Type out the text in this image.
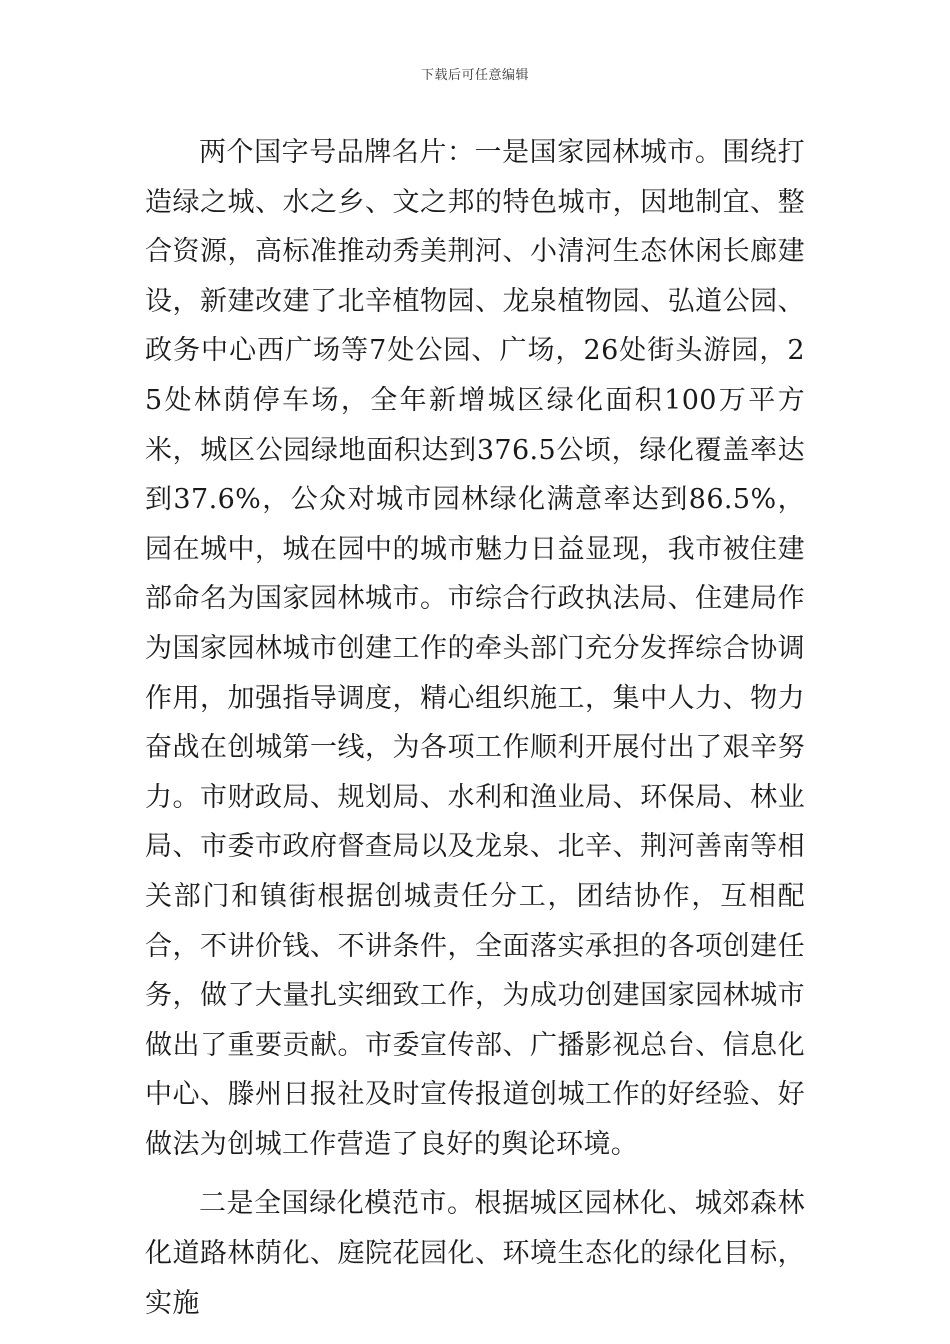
下载后可任意编辑

两个国字号品牌名片：一是国家园林城市。围绕打造绿之城、水之乡、文之邦的特色城市，因地制宜、整合资源，高标准推动秀美荆河、小清河生态休闲长廊建设，新建改建了北辛植物园、龙泉植物园、弘道公园、政务中心西广场等7处公园、广场，26处街头游园，25处林荫停车场，全年新增城区绿化面积100万平方米，城区公园绿地面积达到376.5公顷，绿化覆盖率达到37.6%，公众对城市园林绿化满意率达到86.5%，园在城中，城在园中的城市魅力日益显现，我市被住建部命名为国家园林城市。市综合行政执法局、住建局作为国家园林城市创建工作的牵头部门充分发挥综合协调作用，加强指导调度，精心组织施工，集中人力、物力奋战在创城第一线，为各项工作顺利开展付出了艰辛努力。市财政局、规划局、水利和渔业局、环保局、林业局、市委市政府督查局以及龙泉、北辛、荆河善南等相关部门和镇街根据创城责任分工，团结协作，互相配合，不讲价钱、不讲条件，全面落实承担的各项创建任务，做了大量扎实细致工作，为成功创建国家园林城市做出了重要贡献。市委宣传部、广播影视总台、信息化中心、滕州日报社及时宣传报道创城工作的好经验、好做法为创城工作营造了良好的舆论环境。

二是全国绿化模范市。根据城区园林化、城郊森林化道路林荫化、庭院花园化、环境生态化的绿化目标，实施
